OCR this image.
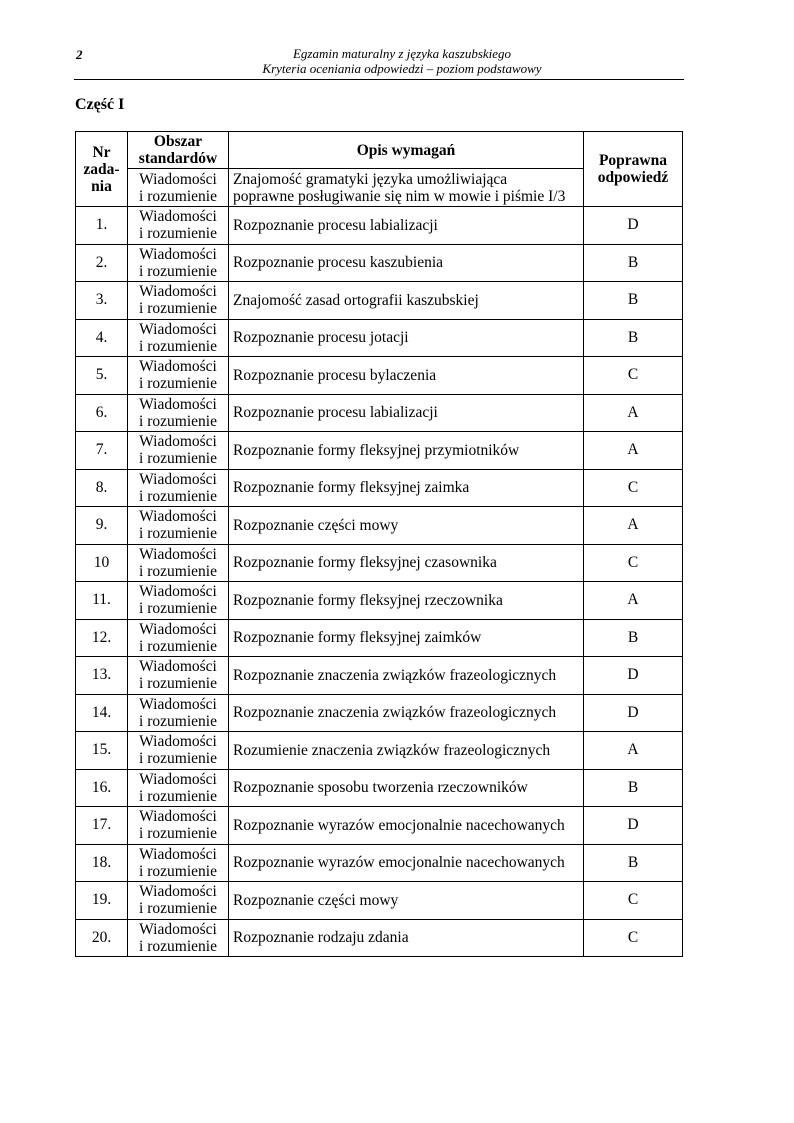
2	Egzamin maturalny z języka kaszubskiego
Kryteria oceniania odpowiedzi – poziom podstawowy
Część I
Nr
zada-
nia	Obszar
standardów	Opis wymagań	Poprawna
odpowiedź

	Wiadomości
i rozumienie	Znajomość gramatyki języka umożliwiająca
poprawne posługiwanie się nim w mowie i piśmie I/3	

1.	Wiadomości
i rozumienie	Rozpoznanie procesu labializacji	D
2.	Wiadomości
i rozumienie	Rozpoznanie procesu kaszubienia	B
3.	Wiadomości
i rozumienie	Znajomość zasad ortografii kaszubskiej	B
4.	Wiadomości
i rozumienie	Rozpoznanie procesu jotacji	B
5.	Wiadomości
i rozumienie	Rozpoznanie procesu bylaczenia	C
6.	Wiadomości
i rozumienie	Rozpoznanie procesu labializacji	A
7.	Wiadomości
i rozumienie	Rozpoznanie formy fleksyjnej przymiotników	A
8.	Wiadomości
i rozumienie	Rozpoznanie formy fleksyjnej zaimka	C
9.	Wiadomości
i rozumienie	Rozpoznanie części mowy	A
10	Wiadomości
i rozumienie	Rozpoznanie formy fleksyjnej czasownika	C
11.	Wiadomości
i rozumienie	Rozpoznanie formy fleksyjnej rzeczownika	A
12.	Wiadomości
i rozumienie	Rozpoznanie formy fleksyjnej zaimków	B
13.	Wiadomości
i rozumienie	Rozpoznanie znaczenia związków frazeologicznych	D
14.	Wiadomości
i rozumienie	Rozpoznanie znaczenia związków frazeologicznych	D
15.	Wiadomości
i rozumienie	Rozumienie znaczenia związków frazeologicznych	A
16.	Wiadomości
i rozumienie	Rozpoznanie sposobu tworzenia rzeczowników	B
17.	Wiadomości
i rozumienie	Rozpoznanie wyrazów emocjonalnie nacechowanych	D
18.	Wiadomości
i rozumienie	Rozpoznanie wyrazów emocjonalnie nacechowanych	B
19.	Wiadomości
i rozumienie	Rozpoznanie części mowy	C
20.	Wiadomości
i rozumienie	Rozpoznanie rodzaju zdania	C
